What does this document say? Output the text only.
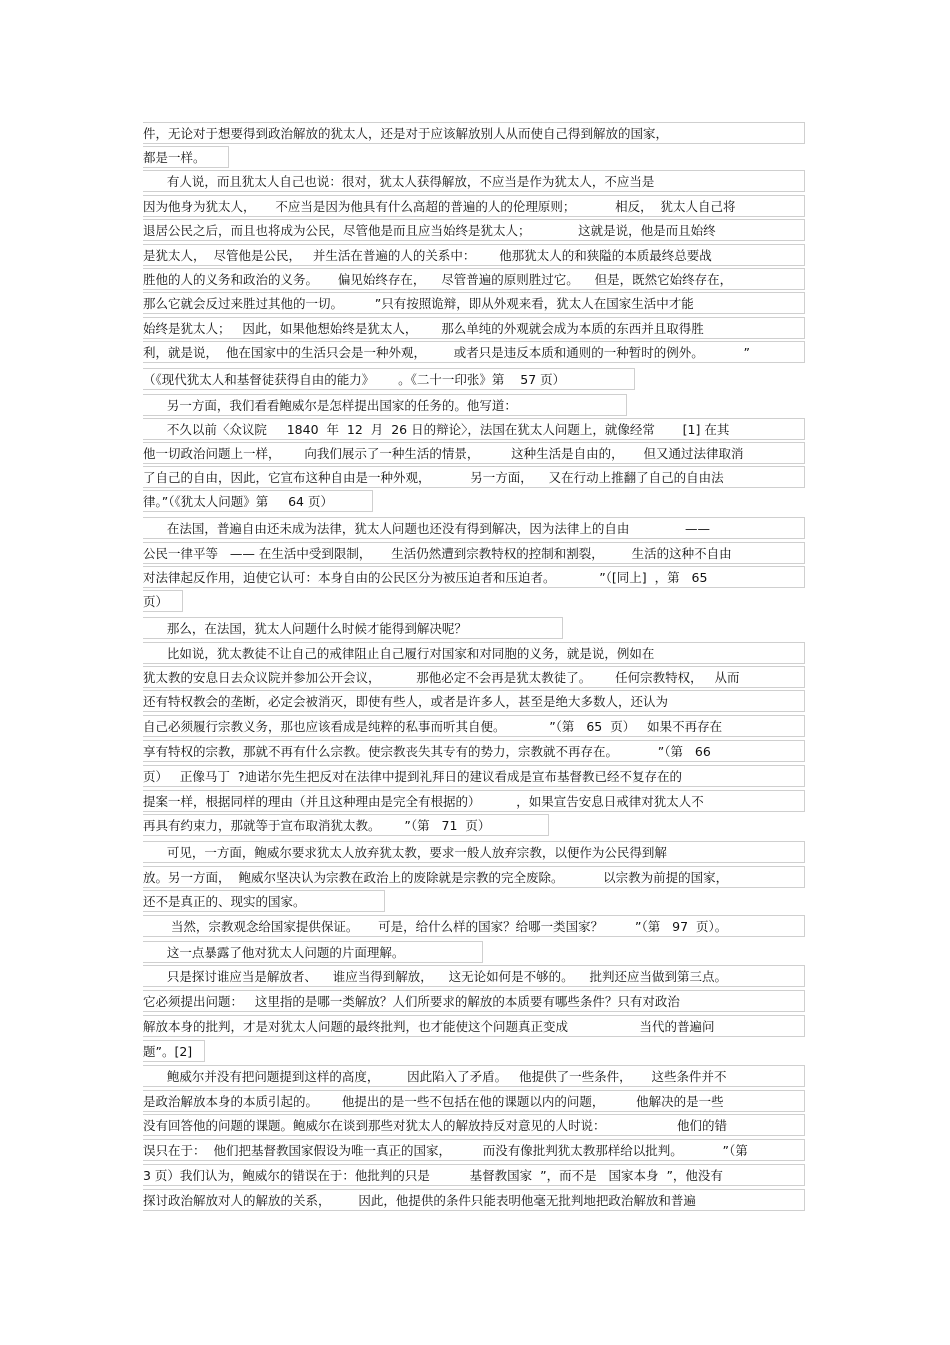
件，无论对于想要得到政治解放的犹太人，还是对于应该解放别人从而使自己得到解放的国家，
都是一样。
有人说，而且犹太人自己也说：很对，犹太人获得解放，不应当是作为犹太人，不应当是
因为他身为犹太人，     不应当是因为他具有什么高超的普遍的人的伦理原则；          相反，  犹太人自己将
退居公民之后，而且也将成为公民，尽管他是而且应当始终是犹太人；            这就是说，他是而且始终
是犹太人，  尽管他是公民，   并生活在普遍的人的关系中：      他那犹太人的和狭隘的本质最终总要战
胜他的人的义务和政治的义务。     偏见始终存在，    尽管普遍的原则胜过它。    但是，既然它始终存在，
那么它就会反过来胜过其他的一切。        ”只有按照诡辩，即从外观来看，犹太人在国家生活中才能
始终是犹太人；   因此，如果他想始终是犹太人，      那么单纯的外观就会成为本质的东西并且取得胜
利，就是说，  他在国家中的生活只会是一种外观，       或者只是违反本质和通则的一种暂时的例外。          ”
（《现代犹太人和基督徒获得自由的能力》      。《二十一印张》第    57 页）
另一方面，我们看看鲍威尔是怎样提出国家的任务的。他写道：
不久以前〈众议院     1840  年  12  月  26 日的辩论〉，法国在犹太人问题上，就像经常       [1] 在其
他一切政治问题上一样，      向我们展示了一种生活的情景，        这种生活是自由的，     但又通过法律取消
了自己的自由，因此，它宣布这种自由是一种外观，          另一方面，    又在行动上推翻了自己的自由法
律。”（《犹太人问题》第     64 页）
在法国，普遍自由还未成为法律，犹太人问题也还没有得到解决，因为法律上的自由              ——
公民一律平等   —— 在生活中受到限制，     生活仍然遭到宗教特权的控制和割裂，       生活的这种不自由
对法律起反作用，迫使它认可：本身自由的公民区分为被压迫者和压迫者。           ”（[同上]  ，第   65
页）
那么，在法国，犹太人问题什么时候才能得到解决呢？
比如说，犹太教徒不让自己的戒律阻止自己履行对国家和对同胞的义务，就是说，例如在
犹太教的安息日去众议院并参加公开会议，         那他必定不会再是犹太教徒了。      任何宗教特权，   从而
还有特权教会的垄断，必定会被消灭，即使有些人，或者是许多人，甚至是绝大多数人，还认为
自己必须履行宗教义务，那也应该看成是纯粹的私事而听其自便。           ”（第   65  页）   如果不再存在
享有特权的宗教，那就不再有什么宗教。使宗教丧失其专有的势力，宗教就不再存在。          ”（第   66
页）   正像马丁  ?迪诺尔先生把反对在法律中提到礼拜日的建议看成是宣布基督教已经不复存在的
提案一样，根据同样的理由（并且这种理由是完全有根据的）         ，如果宣告安息日戒律对犹太人不
再具有约束力，那就等于宣布取消犹太教。      ”（第   71  页）
可见，一方面，鲍威尔要求犹太人放弃犹太教，要求一般人放弃宗教，以便作为公民得到解
放。另一方面，  鲍威尔坚决认为宗教在政治上的废除就是宗教的完全废除。          以宗教为前提的国家，
还不是真正的、现实的国家。
当然，宗教观念给国家提供保证。     可是，给什么样的国家？给哪一类国家？        ”（第   97  页）。
这一点暴露了他对犹太人问题的片面理解。
只是探讨谁应当是解放者、    谁应当得到解放，    这无论如何是不够的。    批判还应当做到第三点。
它必须提出问题：   这里指的是哪一类解放？人们所要求的解放的本质要有哪些条件？只有对政治
解放本身的批判，才是对犹太人问题的最终批判，也才能使这个问题真正变成                  当代的普遍问
题”。[2]
鲍威尔并没有把问题提到这样的高度，       因此陷入了矛盾。   他提供了一些条件，     这些条件并不
是政治解放本身的本质引起的。      他提出的是一些不包括在他的课题以内的问题，        他解决的是一些
没有回答他的问题的课题。鲍威尔在谈到那些对犹太人的解放持反对意见的人时说：                  他们的错
误只在于：  他们把基督教国家假设为唯一真正的国家，        而没有像批判犹太教那样给以批判。          ”（第
3 页）我们认为，鲍威尔的错误在于：他批判的只是          基督教国家  ”，而不是   国家本身  ”，他没有
探讨政治解放对人的解放的关系，       因此，他提供的条件只能表明他毫无批判地把政治解放和普遍
